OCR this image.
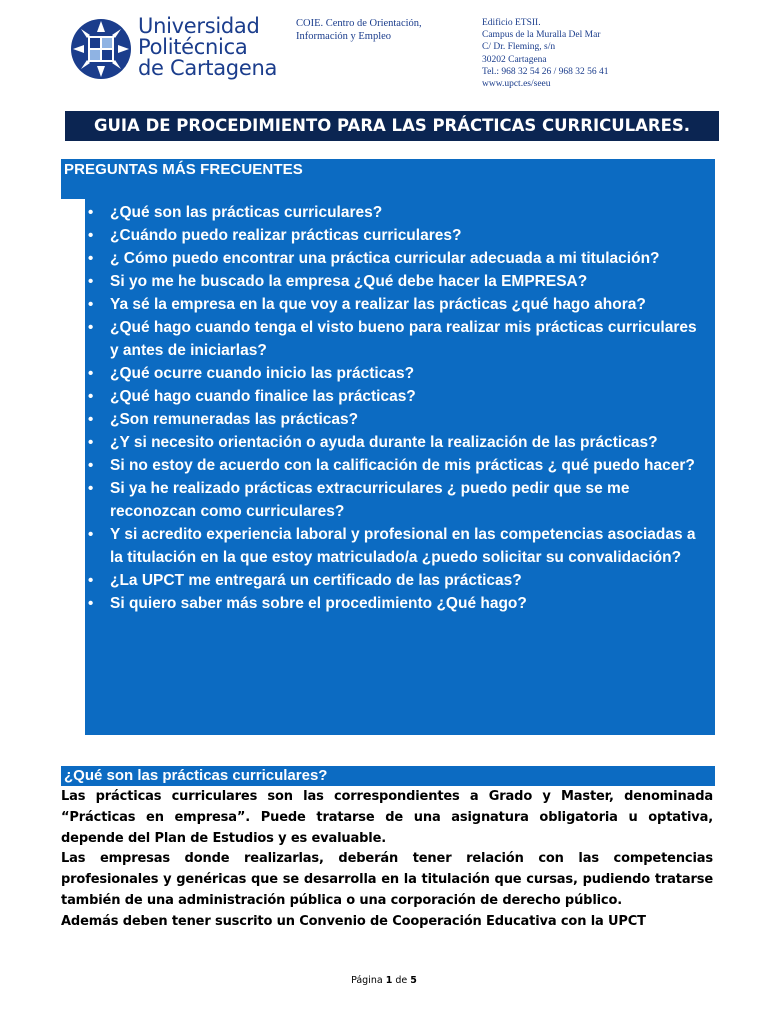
Universidad
Politécnica
de Cartagena
COIE. Centro de Orientación,
Información y Empleo
Edificio ETSII.
Campus de la Muralla Del Mar
C/ Dr. Fleming, s/n
30202 Cartagena
Tel.: 968 32 54 26 / 968 32 56 41
www.upct.es/seeu
GUIA DE PROCEDIMIENTO PARA LAS PRÁCTICAS CURRICULARES.
PREGUNTAS MÁS FRECUENTES
• ¿Qué son las prácticas curriculares?
• ¿Cuándo puedo realizar prácticas curriculares?
• ¿ Cómo puedo encontrar una práctica curricular adecuada a mi titulación?
• Si yo me he buscado la empresa ¿Qué debe hacer la EMPRESA?
• Ya sé la empresa en la que voy a realizar las prácticas ¿qué hago ahora?
• ¿Qué hago cuando tenga el visto bueno para realizar mis prácticas curriculares y antes de iniciarlas?
• ¿Qué ocurre cuando inicio las prácticas?
• ¿Qué hago cuando finalice las prácticas?
• ¿Son remuneradas las prácticas?
• ¿Y si necesito orientación o ayuda durante la realización de las prácticas?
• Si no estoy de acuerdo con la calificación de mis prácticas ¿ qué puedo hacer?
• Si ya he realizado prácticas extracurriculares ¿ puedo pedir que se me reconozcan como curriculares?
• Y si acredito experiencia laboral y profesional en las competencias asociadas a la titulación en la que estoy matriculado/a ¿puedo solicitar su convalidación?
• ¿La UPCT me entregará un certificado de las prácticas?
• Si quiero saber más sobre el procedimiento ¿Qué hago?
¿Qué son las prácticas curriculares?

Las prácticas curriculares son las correspondientes a Grado y Master, denominada “Prácticas en empresa”. Puede tratarse de una asignatura obligatoria u optativa, depende del Plan de Estudios y es evaluable.

Las empresas donde realizarlas, deberán tener relación con las competencias profesionales y genéricas que se desarrolla en la titulación que cursas, pudiendo tratarse también de una administración pública o una corporación de derecho público.

Además deben tener suscrito un Convenio de Cooperación Educativa con la UPCT

Página 1 de 5
